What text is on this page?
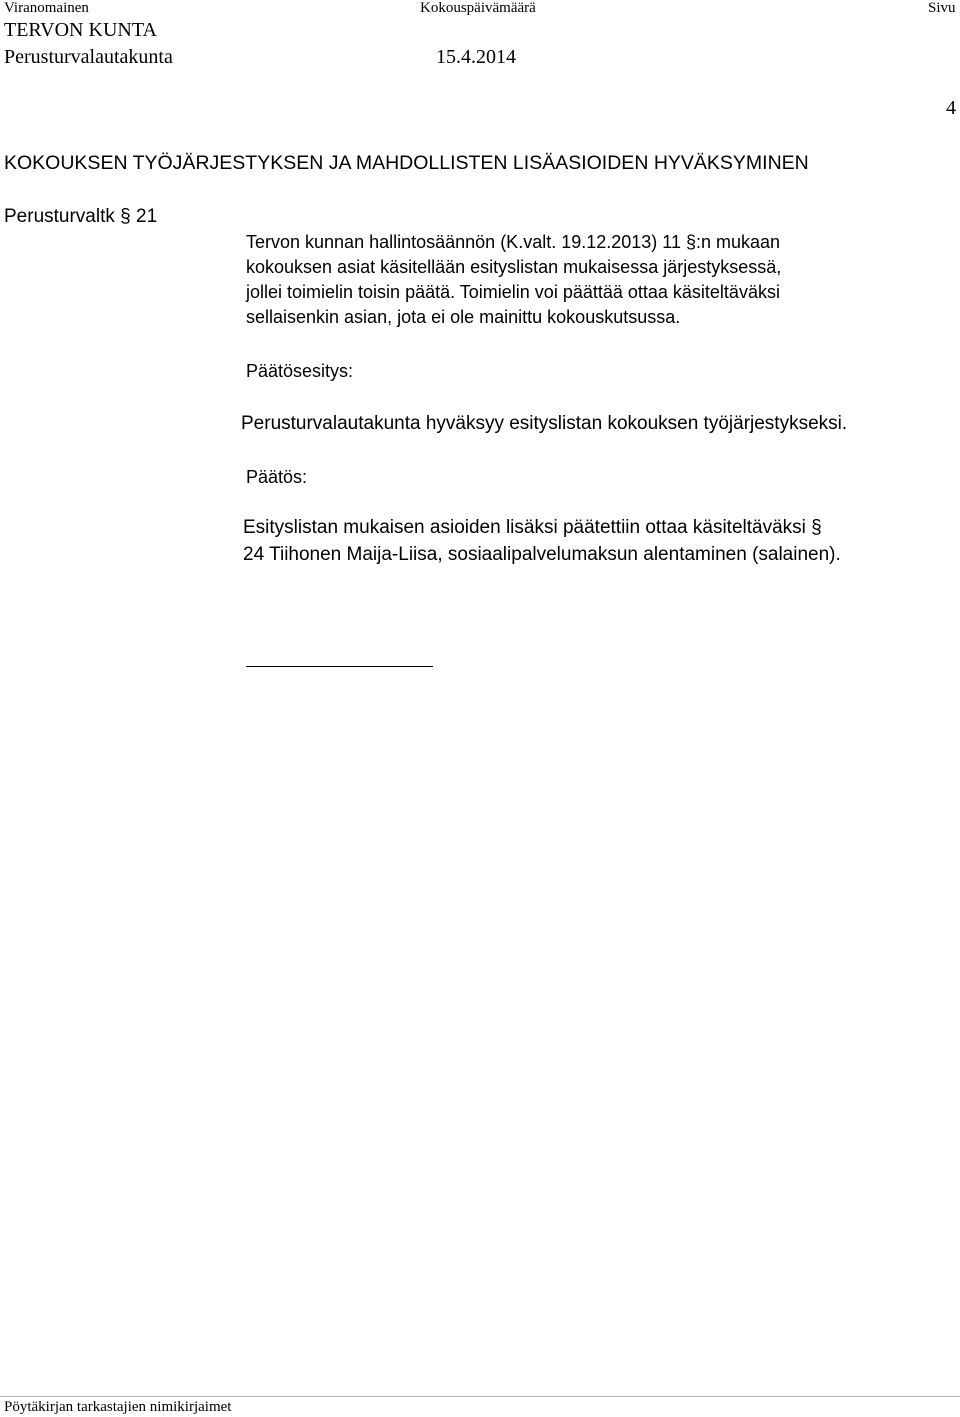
Viranomainen	Kokouspäivämäärä	Sivu
TERVON KUNTA
Perusturvalautakunta	15.4.2014
4
KOKOUKSEN TYÖJÄRJESTYKSEN JA MAHDOLLISTEN LISÄASIOIDEN HYVÄKSYMINEN
Perusturvaltk § 21
Tervon kunnan hallintosäännön (K.valt. 19.12.2013) 11 §:n mukaan
kokouksen asiat käsitellään esityslistan mukaisessa järjestyksessä,
jollei toimielin toisin päätä. Toimielin voi päättää ottaa käsiteltäväksi
sellaisenkin asian, jota ei ole mainittu kokouskutsussa.
Päätösesitys:
Perusturvalautakunta hyväksyy esityslistan kokouksen työjärjestykseksi.
Päätös:
Esityslistan mukaisen asioiden lisäksi päätettiin ottaa käsiteltäväksi §
24 Tiihonen Maija-Liisa, sosiaalipalvelumaksun alentaminen (salainen).
Pöytäkirjan tarkastajien nimikirjaimet
